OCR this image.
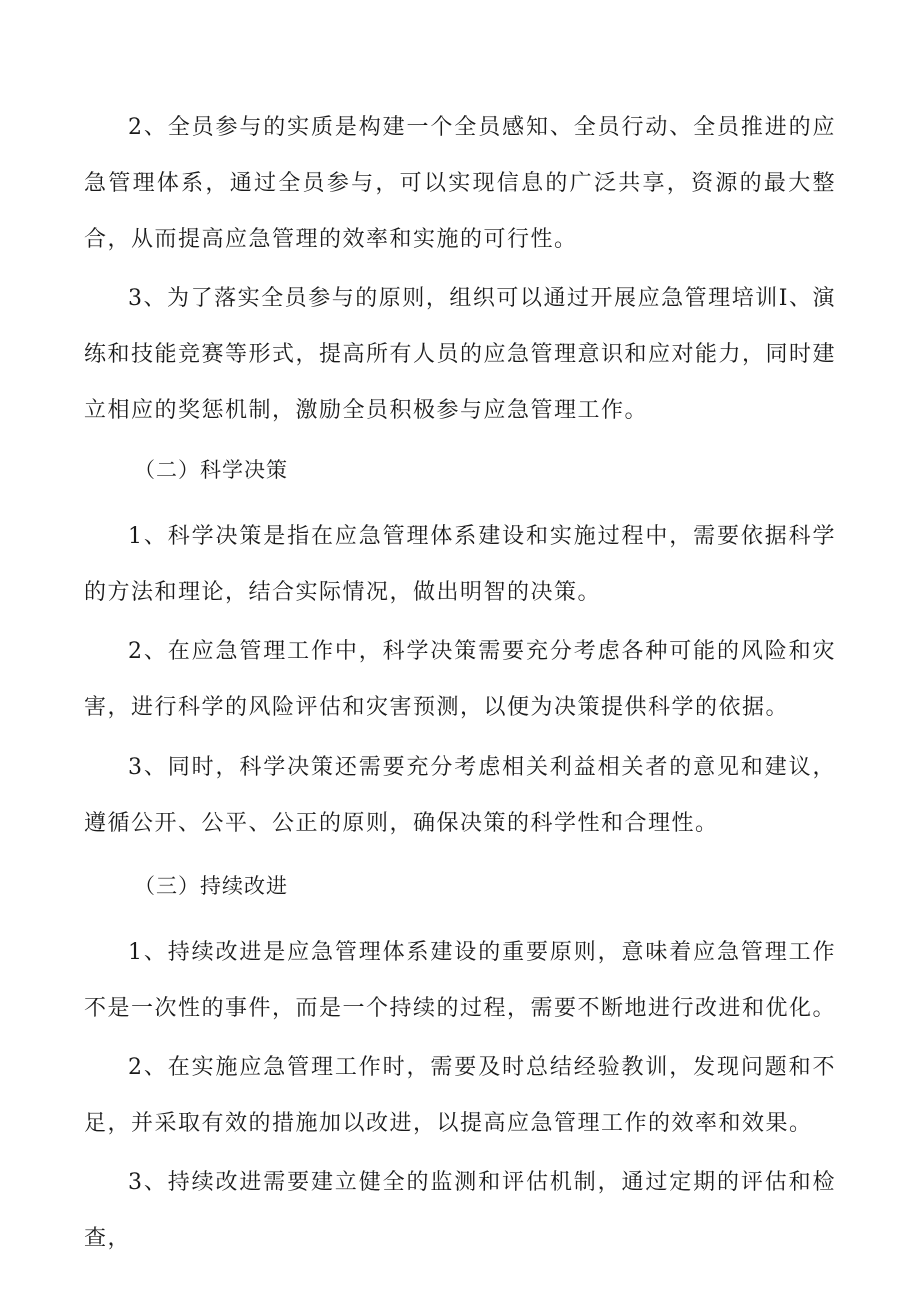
2、全员参与的实质是构建一个全员感知、全员行动、全员推进的应急管理体系，通过全员参与，可以实现信息的广泛共享，资源的最大整合，从而提高应急管理的效率和实施的可行性。

3、为了落实全员参与的原则，组织可以通过开展应急管理培训I、演练和技能竞赛等形式，提高所有人员的应急管理意识和应对能力，同时建立相应的奖惩机制，激励全员积极参与应急管理工作。

（二）科学决策

1、科学决策是指在应急管理体系建设和实施过程中，需要依据科学的方法和理论，结合实际情况，做出明智的决策。

2、在应急管理工作中，科学决策需要充分考虑各种可能的风险和灾害，进行科学的风险评估和灾害预测，以便为决策提供科学的依据。

3、同时，科学决策还需要充分考虑相关利益相关者的意见和建议，遵循公开、公平、公正的原则，确保决策的科学性和合理性。

（三）持续改进

1、持续改进是应急管理体系建设的重要原则，意味着应急管理工作不是一次性的事件，而是一个持续的过程，需要不断地进行改进和优化。

2、在实施应急管理工作时，需要及时总结经验教训，发现问题和不足，并采取有效的措施加以改进，以提高应急管理工作的效率和效果。

3、持续改进需要建立健全的监测和评估机制，通过定期的评估和检查，
